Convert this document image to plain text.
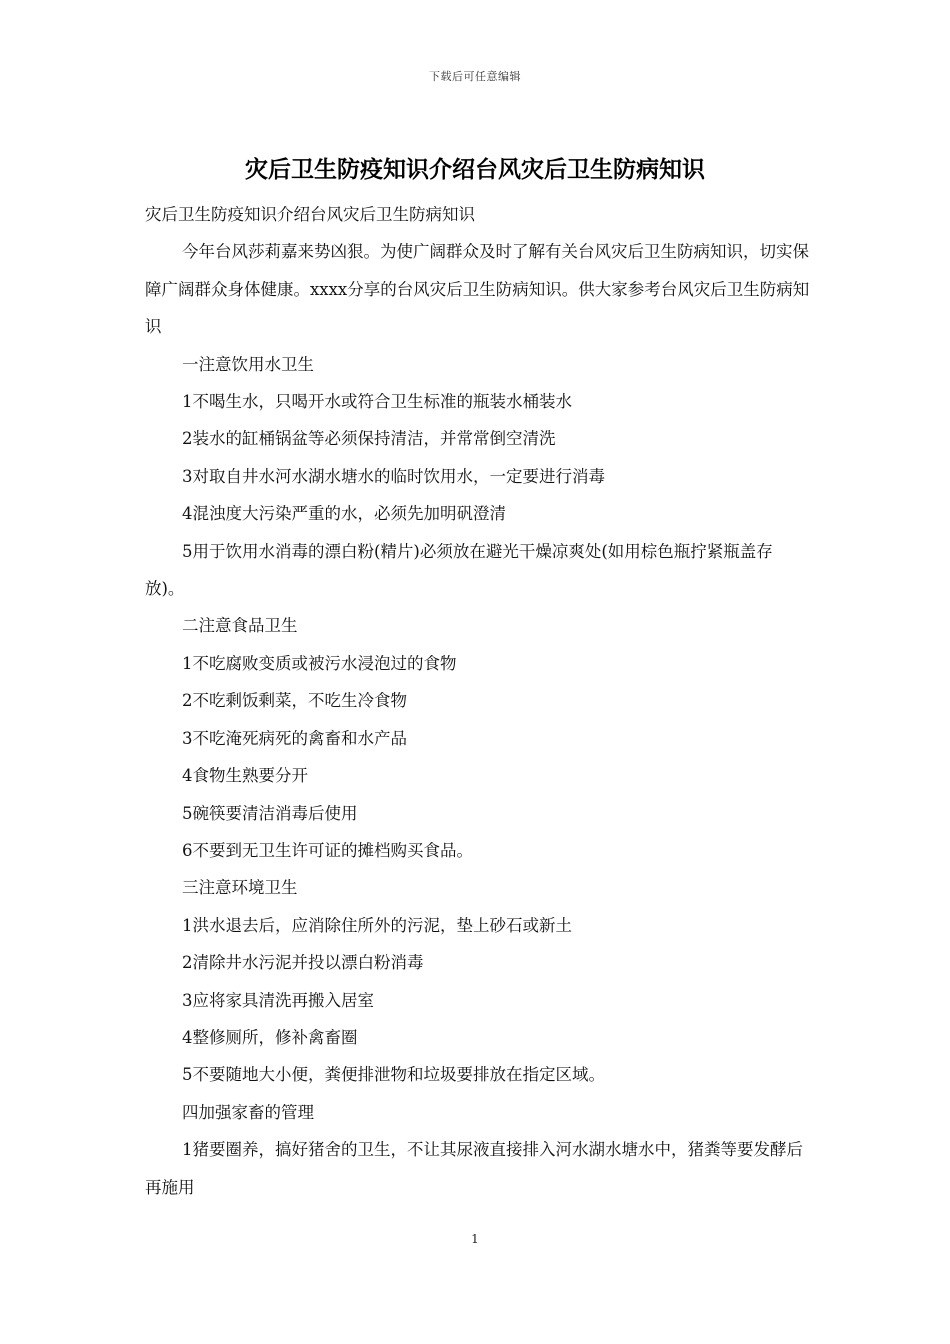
下载后可任意编辑
灾后卫生防疫知识介绍台风灾后卫生防病知识

灾后卫生防疫知识介绍台风灾后卫生防病知识

今年台风莎莉嘉来势凶狠。为使广阔群众及时了解有关台风灾后卫生防病知识，切实保障广阔群众身体健康。xxxx分享的台风灾后卫生防病知识。供大家参考台风灾后卫生防病知识

一注意饮用水卫生

1不喝生水，只喝开水或符合卫生标准的瓶装水桶装水

2装水的缸桶锅盆等必须保持清洁，并常常倒空清洗

3对取自井水河水湖水塘水的临时饮用水，一定要进行消毒

4混浊度大污染严重的水，必须先加明矾澄清

5用于饮用水消毒的漂白粉(精片)必须放在避光干燥凉爽处(如用棕色瓶拧紧瓶盖存放)。

二注意食品卫生

1不吃腐败变质或被污水浸泡过的食物

2不吃剩饭剩菜，不吃生冷食物

3不吃淹死病死的禽畜和水产品

4食物生熟要分开

5碗筷要清洁消毒后使用

6不要到无卫生许可证的摊档购买食品。

三注意环境卫生

1洪水退去后，应消除住所外的污泥，垫上砂石或新土

2清除井水污泥并投以漂白粉消毒

3应将家具清洗再搬入居室

4整修厕所，修补禽畜圈

5不要随地大小便，粪便排泄物和垃圾要排放在指定区域。

四加强家畜的管理

1猪要圈养，搞好猪舍的卫生，不让其尿液直接排入河水湖水塘水中，猪粪等要发酵后再施用

1
